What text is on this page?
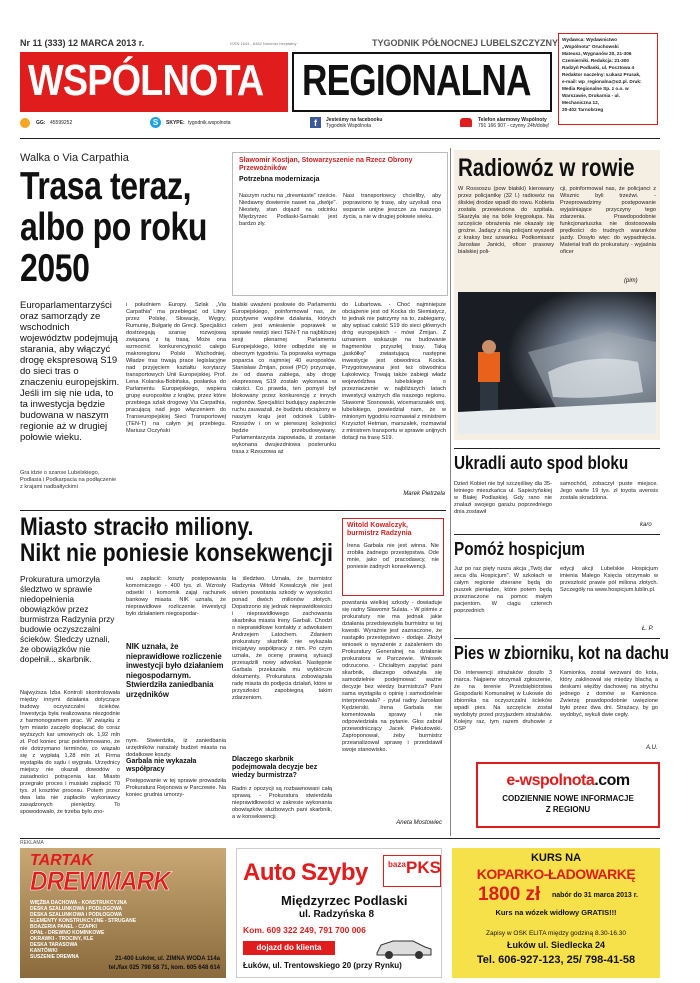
Nr 11 (333) 12 MARCA 2013 r.	ISSN 1643 - 6482 Nummer bezpłatny	TYGODNIK PÓŁNOCNEJ LUBELSZCZYZNY
WSPÓLNOTA REGIONALNA
Wydawca: Wydawnictwo
„Wspólnota" Oruchowski
Mateusz, Wygnanów 20, 21-306
Czemierniki. Redakcja: 21-300
Radzyń Podlaski, ul. Pocztowa 4
Redaktor naczelny: Łukasz Prusak,
e-mail: wp_regionalna@o2.pl. Druk:
Media Regionalne Sp. z o.o. w
Warszawie, Drukarnia - ul.
Mechaniczna 12,
20-402 Tarnobrzeg
GG: 45599252	S	SKYPE: tygodnik.wspolnota	f	Jesteśmy na facebooku
Tygodnik Wspólnota
Telefon alarmowy Wspólnoty
791 166 907 - czynny 24h/dobę!
Walka o Via Carpathia
Trasa teraz,
albo po roku
2050
Europarlamentarzyści oraz samorządy ze wschodnich województw podejmują starania, aby włączyć drogę ekspresową S19 do sieci tras o znaczeniu europejskim. Jeśli im się nie uda, to ta inwestycja będzie budowana w naszym regionie aż w drugiej połowie wieku.
Gra idzie o szanse Lubelskiego, Podlasia i Podkarpacia na podłączenie z krajami nadbałtyckimi
i południem Europy. Szlak „Via Carpathia" ma przebiegać od Litwy przez Polskę, Słowację, Węgry, Rumunię, Bułgarię do Grecji. Specjaliści dostrzegają szansę rozwojową związaną z tą trasą. Może ona wzmocnić konkurencyjność całego makroregionu Polski Wschodniej. Władze tras trwają prace legislacyjne nad przyjęciem kształtu korytarzy transportowych Unii Europejskiej. Prof. Lena Kolarska-Bobińska, posłanka do Parlamentu Europejskiego, wspiera grupę europosłów z krajów, przez które przebiega szlak drogowy Via Carpathia, pracującą nad jego włączeniem do Transeuropejskiej Sieci Transportowej (TEN-T) na całym jej przebiegu. Mariusz Oczyński
Sławomir Kostjan, Stowarzyszenie na Rzecz Obrony Przewoźników
Potrzebna modernizacja
Naszym ruchu na „drewniaste" rzeście. Niedawny dowiernie nawet na „dwóje". Niestety, stan dojazd na odcinku Międzyrzec Podlaski-Sarnaki jest bardzo zły.
Nasi transportowcy chcieliby, aby poprawiono tę trasę, aby uzyskali ona wsparcie unijne jeszcze za naszego życia, a nie w drugiej połowie wieku.
białski uważeni posłowie do Parlamentu Europejskiego, poinformował nas, że pozytywne wspólne działania, których celem jest wniesienie poprawek w sprawie rewizji sieci TEN-T na najbliższej sesji plenarnej Parlamentu Europejskiego, które odbędzie się w obecnym tygodniu. Ta poprawka wymaga poparcia co najmniej 40 europosłów. Stanisław Żmijan, poseł (PO) przyznaje, że od dawna zabiega, aby drogę ekspresową S19 zostało wykonana w całości. Co prawda, ten pomysł był blokowany przez konkurencję z innych regionów. Specjaliści budujący zaplecznie ruchu zauważali, że budżetu obciążony w naszym kraju jest odcinek Lublin-Rzeszów i on w pierwszej kolejności będzie przebudowywany. Parlamentarzysta zapowiada, iż zostanie wykonana dwujezdniowa posterunku trasa z Rzeszowa aż
do Lubartowa. - Choć najmniejsze obciążenie jest od Kocka do Siemiatycz, to jednak nie patrzymy na to, zabiegamy, aby wpisać całość S19 do sieci głównych dróg europejskich - mówi Żmijan. Z uznaniem wskazuje na budowanie fragmentów przyszłej trasy. Taką „jaskółkę" zwiastującą następne inwestycje jest obwodnica Kocka. Przygotowywana jest też obwodnica Łąkołowicy. Trwają także zabiegi władz województwa lubelskiego o przeznaczenie w najbliższych latach inwestycji ważnych dla naszego regionu. Sławomir Sosnowski, wicemarszałek woj. lubelskiego, powiedział nam, że w minionym tygodniu rozmawiał z ministrem Krzysztof Hetman, marszałek, rozmawiał z ministrem transportu w sprawie unijnych dotacji na trasę S19.
Marek Pietrzela
Radiowóz w rowie
W Rossoszu (pow białski) kierowany przez policjantkę (32 l.) radiowóz na śliskiej drodze wpadł do rowu. Kobieta została przewieziona do szpitala. Skarżyła się na bóle kręgosłupa. Na szczęście obrażenia nie okazały się groźne. Jadący z nią policjant wyszedł z kraksy bez szwanku. Podkomisarz Jarosław Janicki, oficer prasowy białskiej poli-
cji, poinformował nas, że policjanci z Wisznic byli trzeźwi. - Przeprowadzimy postępowanie wyjaśniające przyczyny tego zdarzenia. Prawdopodobnie funkcjonariuszka nie dostosowała prędkości do trudnych warunków jazdy. Dosyło więc do wypadnięcia. Materiał trafi do prokuratury - wyjaśnia oficer
(pim)
Ukradli auto spod bloku
Dzień Kobiet nie był szczęśliwy dla 35-letniego mieszkańca ul. Sapieżyńskiej w Białej Podlaskiej. Gdy rano nie znalazł swojego garażu poprzedniego dnia zostawił
samochód, zobaczył puste miejsce. Jego warte 19 tys. zł toyota avensis została skradziona.
karo
Pomóż hospicjum
Już po raz pięty rusza akcja „Twój dar seca dla Hospicjum". W szkołach w całym regionie zbierane będą do puszek pieniądze, które potem będą przeznaczone na pomoc małym pacjentom. W ciągu czterech poprzednich
edycji akcji Lubelskie Hospicjum imienia Małego Księcia otrzymało w przeszłość prawie pół miliona złotych. Szczegóły na www.hospicjum.lublin.pl.
Ł. P.
Pies w zbiorniku, kot na dachu
Do interwencji strażaków doszło 3 marca. Najpierw otrzymali zgłoszenie, że na terenie Przedsiębiorstwa Gospodarki Komunalnej w Łukowie do zbiornika na oczyszczalni ścieków wpadł pies. Na szczęście został wydobyty przed przyjazdem strażaków. Kolejny raz, tym razem druhowie z OSP
Kamionka, został wezwani do kota, który zaklinował się między blachą a deskami więźby dachowej na strychu jednego z domów w Kamionce. Zwierzę prawdopodobnie uwięzione było przez dwa dni. Strażacy, by go wydobyć, wykuli dwie cegły.
A.U.
e-wspolnota.com
CODZIENNIE NOWE INFORMACJE
Z REGIONU
Miasto straciło miliony.
Nikt nie poniesie konsekwencji
Witold Kowalczyk,
burmistrz Radzynia
Irena Garbala nie jest winna. Nie zrobiła żadnego przestępstwa. Ode mnie, jako od pracodawcy, nie poniesie żadnych konsekwencji.
Prokuratura umorzyła śledztwo w sprawie niedopełnienia obowiązków przez burmistrza Radzynia przy budowie oczyszczalni ścieków. Śledczy uznali, że obowiązków nie dopełnił... skarbnik.
Najwyższa Izba Kontroli skontrolowała między innymi działania dotyczące budowy oczyszczalni ścieków. Inwestycja była realizowana niezgodnie z harmonogramem prac. W związku z tym miasto zaczęło dopłacać do coraz wyższych kar umownych ok. 1,92 mln zł. Pod koniec prac poinformowano, że nie dotrzymano terminów, co wiązało się z wypłatą 1,28 mln zł. Firma wystąpiła do sądu i wygrała. Urzędnicy miejscy nie okazali dowodów o zasadności potrącenia kar. Miasto przegrało proces i musiało zapłacić 70 tys. zł kosztów procesu. Potem przez dwa lata nie zapłaciło wykonawcy zasądzonych pieniędzy. To spowodowało, że trzeba było zno-
wu zapłacić koszty postępowania komorniczego - 400 tys. zł. Wzrosły odsetki i komornik zajął rachunek bankowy miasta. NIK uznała, że nieprawidłowe rozliczenie inwestycji było działaniem niegospodar-
NIK uznała, że nieprawidłowe rozliczenie inwestycji było działaniem niegospodarnym. Stwierdziła zaniedbania urzędników
nym. Stwierdziła, iż zaniedbania urzędników narażały budżet miasta na dodatkowe koszty.
Garbala nie wykazała współpracy
Postępowanie w tej sprawie prowadziła Prokuratura Rejonowa w Parczewie. Na koniec grudnia umorzy-
ła śledztwo. Uznała, że burmistrz Radzynia Witold Kowalczyk nie jest winien powstania szkody w wysokości ponad dwóch milionów złotych. Dopatrzono się jednak nieprawidłowości i nieprawidłowego zachowania skarbnika miasta Ireny Garbali. Chodzi o nieprawidłowe kontakty z adwokatem Andrzejem Latochem. Zdaniem prokuratury skarbnik nie wykazała inicjatywy współpracy z nim. Po czym uznała, że ocenę prawną sytuacji przesądzili nowy adwokat. Następnie Garbala przekazała mu wybiórcze dokumenty. Prokuratura zobowiązała radę miasta do podjęcia działań, które w przyszłości zapobiegną takim zdarzeniom.
Dlaczego skarbnik podejmowała decyzje bez wiedzy burmistrza?
Radni z opozycji są rozbawnowani całą sprawą. - Prokuratura stwierdziła nieprawidłowości w zakresie wykonania obowiązków służbowych pani skarbnik, a w konsekwencji
powstania wielkiej szkody - dowiaduje się radny Sławomir Sulata. - W piśmie z prokuratury nie ma jednak jakie działania przedsięwzięła burmistrz w tej kwestii. Wyraźnie jest zaznaczone, że nastąpiło przestępstwo - dodaje. Złożył wniosek o wyrażenie z zażaleniem do Prokuratury Generalnej na działanie prokuratora w Parczewie. Wniosek odrzucono. - Chciałbym zapytać pani skarbnik, dlaczego odważyła się samodzielnie podejmować ważne decyzje bez wiedzy burmistrza? Pani sama wystąpiła o opinię i samodzielnie interpretowała? - pytał radny Jarosław Kędzierski. Irena Garbala nie komentowała sprawy i nie odpowiedziała na pytanie. Głos zabrał przewodniczący Jacek Piekutowski. Zaproponował, żeby burmistrz przeanalizował sprawę i przedstawił swoje stanowisko.
Aneta Mostowiec
REKLAMA
TARTAK
DREWMARK
WIĘŹBA DACHOWA - KONSTRUKCYJNA
DESKA SZALUNKOWA i PODŁOGOWA
DESKA SZALUNKOWA i PODŁOGOWA
ELEMENTY KONSTRUKCYJNE - STRUGANE
BOAZERIA PANEL - CZAPKI
OPAŁ - DREWNO KOMINKOWE
OKRAWKI - TROCINY, KLE
DESKA TARASOWA
KANTÓWKI
SUSZENIE DREWNA	21-400 Łuków, ul. ZIMNA WODA 114a
tel./fax 025 798 58 71, kom. 605 648 614
Auto Szyby	baza PKS
Międzyrzec Podlaski
ul. Radzyńska 8
Kom. 609 322 249, 791 700 006
dojazd do klienta
Łuków, ul. Trentowskiego 20 (przy Rynku)
KURS NA
KOPARKO-ŁADOWARKĘ
1800 zł nabór do 31 marca 2013 r.
Kurs na wózek widłowy GRATIS!!!
Zapisy w OSK ELITA między godziną 8.30-16.30
Łuków ul. Siedlecka 24
Tel. 606-927-123, 25/ 798-41-58
